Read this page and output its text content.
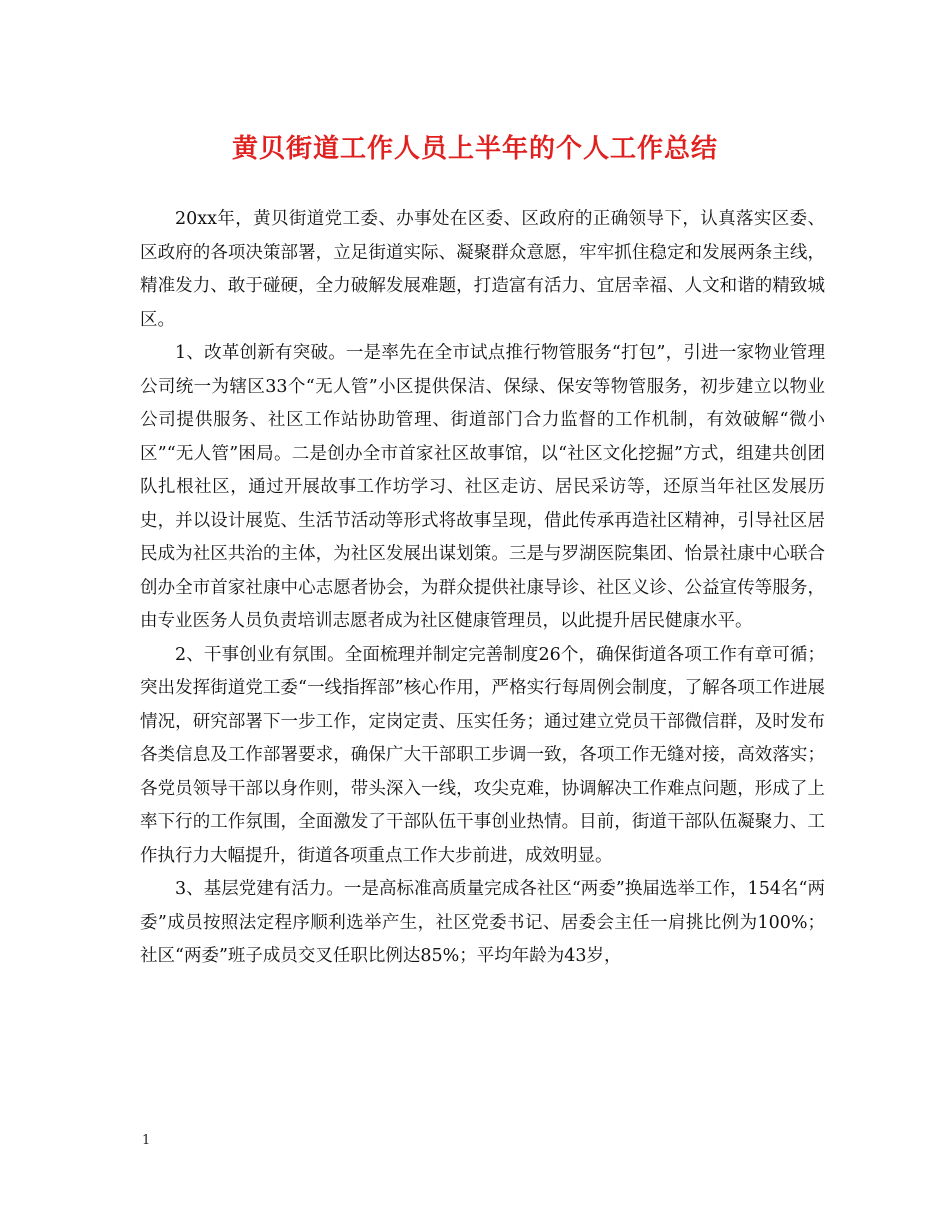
黄贝街道工作人员上半年的个人工作总结

20xx年，黄贝街道党工委、办事处在区委、区政府的正确领导下，认真落实区委、区政府的各项决策部署，立足街道实际、凝聚群众意愿，牢牢抓住稳定和发展两条主线，精准发力、敢于碰硬，全力破解发展难题，打造富有活力、宜居幸福、人文和谐的精致城区。

1、改革创新有突破。一是率先在全市试点推行物管服务“打包”，引进一家物业管理公司统一为辖区33个“无人管”小区提供保洁、保绿、保安等物管服务，初步建立以物业公司提供服务、社区工作站协助管理、街道部门合力监督的工作机制，有效破解“微小区”“无人管”困局。二是创办全市首家社区故事馆，以“社区文化挖掘”方式，组建共创团队扎根社区，通过开展故事工作坊学习、社区走访、居民采访等，还原当年社区发展历史，并以设计展览、生活节活动等形式将故事呈现，借此传承再造社区精神，引导社区居民成为社区共治的主体，为社区发展出谋划策。三是与罗湖医院集团、怡景社康中心联合创办全市首家社康中心志愿者协会，为群众提供社康导诊、社区义诊、公益宣传等服务，由专业医务人员负责培训志愿者成为社区健康管理员，以此提升居民健康水平。

2、干事创业有氛围。全面梳理并制定完善制度26个，确保街道各项工作有章可循；突出发挥街道党工委“一线指挥部”核心作用，严格实行每周例会制度，了解各项工作进展情况，研究部署下一步工作，定岗定责、压实任务；通过建立党员干部微信群，及时发布各类信息及工作部署要求，确保广大干部职工步调一致，各项工作无缝对接，高效落实；各党员领导干部以身作则，带头深入一线，攻尖克难，协调解决工作难点问题，形成了上率下行的工作氛围，全面激发了干部队伍干事创业热情。目前，街道干部队伍凝聚力、工作执行力大幅提升，街道各项重点工作大步前进，成效明显。

3、基层党建有活力。一是高标准高质量完成各社区“两委”换届选举工作，154名“两委”成员按照法定程序顺利选举产生，社区党委书记、居委会主任一肩挑比例为100%；社区“两委”班子成员交叉任职比例达85%；平均年龄为43岁，

1
